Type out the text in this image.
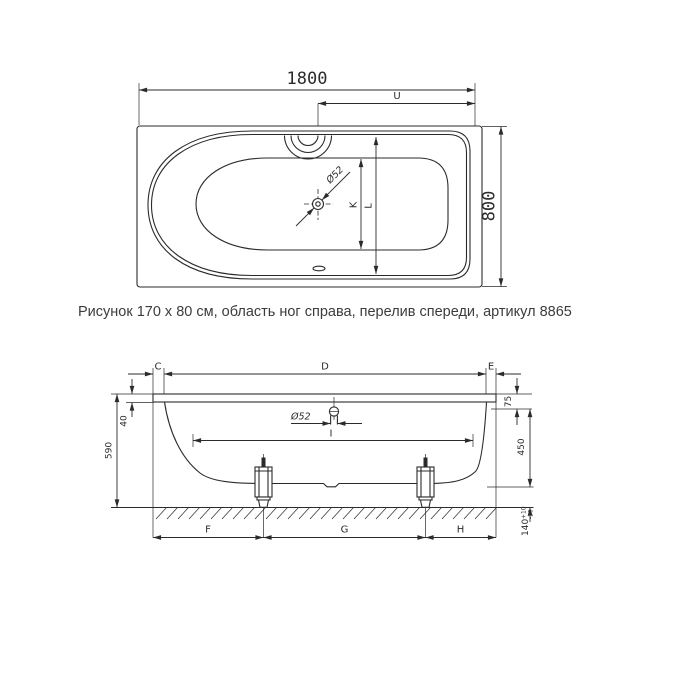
1800
U
Ø52
K L	800
Рисунок 170 x 80 см, область ног справа, перелив спереди, артикул 8865
C	D	E
Ø52
I
F	G	H
40
590
75
450
140
+10 -30
